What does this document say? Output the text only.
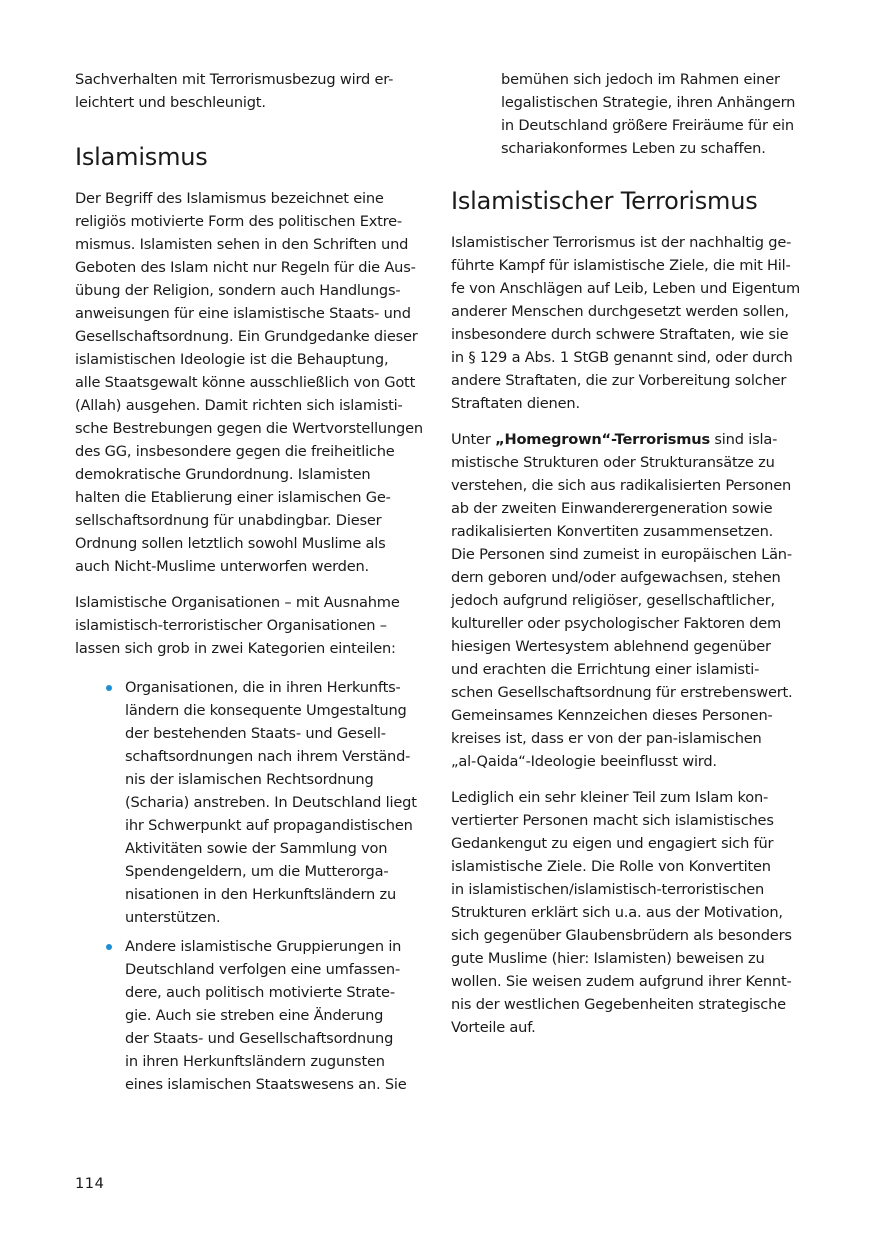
Sachverhalten mit Terrorismusbezug wird er-
leichtert und beschleunigt.

Islamismus

Der Begriff des Islamismus bezeichnet eine
religiös motivierte Form des politischen Extre-
mismus. Islamisten sehen in den Schriften und
Geboten des Islam nicht nur Regeln für die Aus-
übung der Religion, sondern auch Handlungs-
anweisungen für eine islamistische Staats- und
Gesellschaftsordnung. Ein Grundgedanke dieser
islamistischen Ideologie ist die Behauptung,
alle Staatsgewalt könne ausschließlich von Gott
(Allah) ausgehen. Damit richten sich islamisti-
sche Bestrebungen gegen die Wertvorstellungen
des GG, insbesondere gegen die freiheitliche
demokratische Grundordnung. Islamisten
halten die Etablierung einer islamischen Ge-
sellschaftsordnung für unabdingbar. Dieser
Ordnung sollen letztlich sowohl Muslime als
auch Nicht-Muslime unterworfen werden.

Islamistische Organisationen – mit Ausnahme
islamistisch-terroristischer Organisationen –
lassen sich grob in zwei Kategorien einteilen:

Organisationen, die in ihren Herkunfts-
ländern die konsequente Umgestaltung
der bestehenden Staats- und Gesell-
schaftsordnungen nach ihrem Verständ-
nis der islamischen Rechtsordnung
(Scharia) anstreben. In Deutschland liegt
ihr Schwerpunkt auf propagandistischen
Aktivitäten sowie der Sammlung von
Spendengeldern, um die Mutterorga-
nisationen in den Herkunftsländern zu
unterstützen.
Andere islamistische Gruppierungen in
Deutschland verfolgen eine umfassen-
dere, auch politisch motivierte Strate-
gie. Auch sie streben eine Änderung
der Staats- und Gesellschaftsordnung
in ihren Herkunftsländern zugunsten
eines islamischen Staatswesens an. Sie

bemühen sich jedoch im Rahmen einer
legalistischen Strategie, ihren Anhängern
in Deutschland größere Freiräume für ein
schariakonformes Leben zu schaffen.

Islamistischer Terrorismus

Islamistischer Terrorismus ist der nachhaltig ge-
führte Kampf für islamistische Ziele, die mit Hil-
fe von Anschlägen auf Leib, Leben und Eigentum
anderer Menschen durchgesetzt werden sollen,
insbesondere durch schwere Straftaten, wie sie
in § 129 a Abs. 1 StGB genannt sind, oder durch
andere Straftaten, die zur Vorbereitung solcher
Straftaten dienen.

Unter „Homegrown“-Terrorismus sind isla-
mistische Strukturen oder Strukturansätze zu
verstehen, die sich aus radikalisierten Personen
ab der zweiten Einwanderergeneration sowie
radikalisierten Konvertiten zusammensetzen.
Die Personen sind zumeist in europäischen Län-
dern geboren und/oder aufgewachsen, stehen
jedoch aufgrund religiöser, gesellschaftlicher,
kultureller oder psychologischer Faktoren dem
hiesigen Wertesystem ablehnend gegenüber
und erachten die Errichtung einer islamisti-
schen Gesellschaftsordnung für erstrebenswert.
Gemeinsames Kennzeichen dieses Personen-
kreises ist, dass er von der pan-islamischen
„al-Qaida“-Ideologie beeinflusst wird.

Lediglich ein sehr kleiner Teil zum Islam kon-
vertierter Personen macht sich islamistisches
Gedankengut zu eigen und engagiert sich für
islamistische Ziele. Die Rolle von Konvertiten
in islamistischen/islamistisch-terroristischen
Strukturen erklärt sich u.a. aus der Motivation,
sich gegenüber Glaubensbrüdern als besonders
gute Muslime (hier: Islamisten) beweisen zu
wollen. Sie weisen zudem aufgrund ihrer Kennt-
nis der westlichen Gegebenheiten strategische
Vorteile auf.

114
